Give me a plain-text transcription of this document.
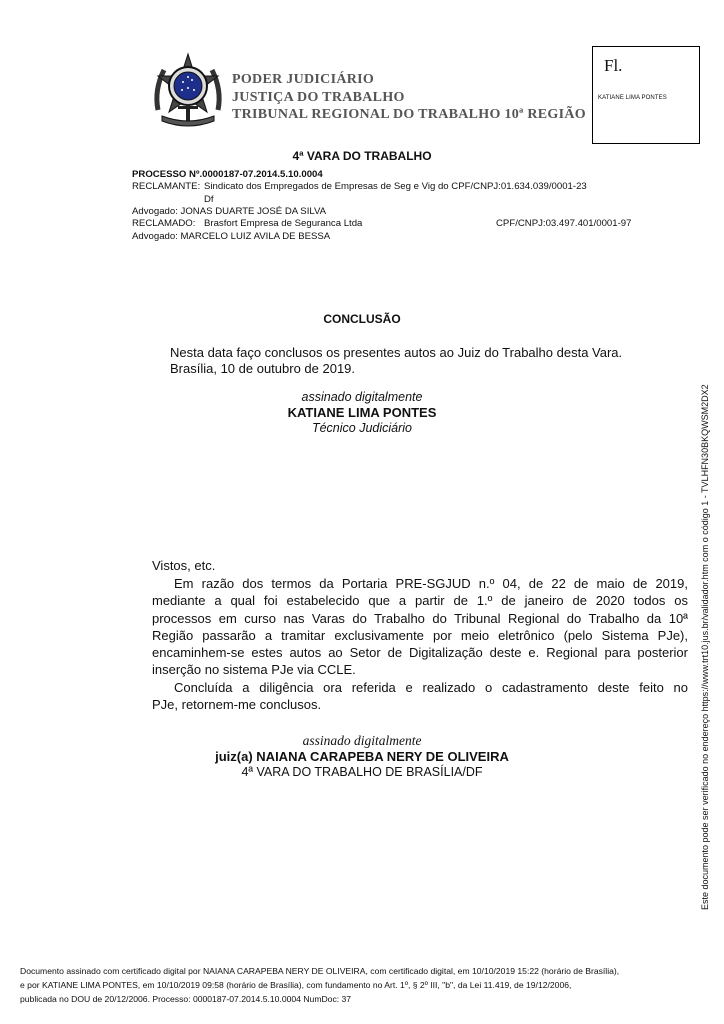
PODER JUDICIÁRIO
JUSTIÇA DO TRABALHO
TRIBUNAL REGIONAL DO TRABALHO 10ª REGIÃO
Fl.
KATIANE LIMA PONTES
4ª VARA DO TRABALHO
PROCESSO Nº.0000187-07.2014.5.10.0004
RECLAMANTE: Sindicato dos Empregados de Empresas de Seg e Vig do CPF/CNPJ:01.634.039/0001-23
Df
Advogado: JONAS DUARTE JOSÉ DA SILVA
RECLAMADO: Brasfort Empresa de Seguranca Ltda	CPF/CNPJ:03.497.401/0001-97
Advogado: MARCELO LUIZ AVILA DE BESSA
CONCLUSÃO
Nesta data faço conclusos os presentes autos ao Juiz do Trabalho desta Vara.
Brasília, 10 de outubro de 2019.
assinado digitalmente
KATIANE LIMA PONTES
Técnico Judiciário
Vistos, etc.

Em razão dos termos da Portaria PRE-SGJUD n.º 04, de 22 de maio de 2019,

mediante a qual foi estabelecido que a partir de 1.º de janeiro de 2020 todos os

processos em curso nas Varas do Trabalho do Tribunal Regional do Trabalho da 10ª

Região passarão a tramitar exclusivamente por meio eletrônico (pelo Sistema PJe),

encaminhem-se estes autos ao Setor de Digitalização deste e. Regional para posterior

inserção no sistema PJe via CCLE.

Concluída a diligência ora referida e realizado o cadastramento deste feito no

PJe, retornem-me conclusos.

assinado digitalmente
juiz(a) NAIANA CARAPEBA NERY DE OLIVEIRA
4ª VARA DO TRABALHO DE BRASÍLIA/DF	Este documento pode ser verificado no endereço https://www.trt10.jus.br/validador.htm com o código 1 - TVLHFN30BKQWSM2DX2
Documento assinado com certificado digital por NAIANA CARAPEBA NERY DE OLIVEIRA, com certificado digital, em 10/10/2019 15:22 (horário de Brasília),
e por KATIANE LIMA PONTES, em 10/10/2019 09:58 (horário de Brasília), com fundamento no Art. 1º, § 2º III, "b", da Lei 11.419, de 19/12/2006,
publicada no DOU de 20/12/2006. Processo: 0000187-07.2014.5.10.0004 NumDoc: 37
